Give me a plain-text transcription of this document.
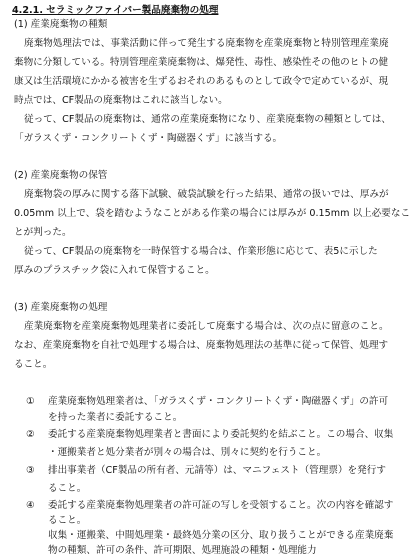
4.2.1. セラミックファイバー製品廃棄物の処理
(1) 産業廃棄物の種類
廃棄物処理法では、事業活動に伴って発生する廃棄物を産業廃棄物と特別管理産業廃
棄物に分類している。特別管理産業廃棄物は、爆発性、毒性、感染性その他のヒトの健
康又は生活環境にかかる被害を生ずるおそれのあるものとして政令で定めているが、現
時点では、CF製品の廃棄物はこれに該当しない。
従って、CF製品の廃棄物は、通常の産業廃棄物になり、産業廃棄物の種類としては、
「ガラスくず・コンクリートくず・陶磁器くず」に該当する。
(2) 産業廃棄物の保管
廃棄物袋の厚みに関する落下試験、破袋試験を行った結果、通常の扱いでは、厚みが
0.05mm 以上で、袋を踏むようなことがある作業の場合には厚みが 0.15mm 以上必要なこ
とが判った。
従って、CF製品の廃棄物を一時保管する場合は、作業形態に応じて、表5に示した
厚みのプラスチック袋に入れて保管すること。
(3) 産業廃棄物の処理
産業廃棄物を産業廃棄物処理業者に委託して廃棄する場合は、次の点に留意のこと。
なお、産業廃棄物を自社で処理する場合は、廃棄物処理法の基準に従って保管、処理す
ること。
① 産業廃棄物処理業者は、「ガラスくず・コンクリートくず・陶磁器くず」の許可
を持った業者に委託すること。
② 委託する産業廃棄物処理業者と書面により委託契約を結ぶこと。この場合、収集
・運搬業者と処分業者が別々の場合は、別々に契約を行うこと。
③ 排出事業者（CF製品の所有者、元請等）は、マニフェスト（管理票）を発行す
ること。
④ 委託する産業廃棄物処理業者の許可証の写しを受領すること。次の内容を確認す
ること。
収集・運搬業、中間処理業・最終処分業の区分、取り扱うことができる産業廃棄
物の種類、許可の条件、許可期限、処理施設の種類・処理能力
